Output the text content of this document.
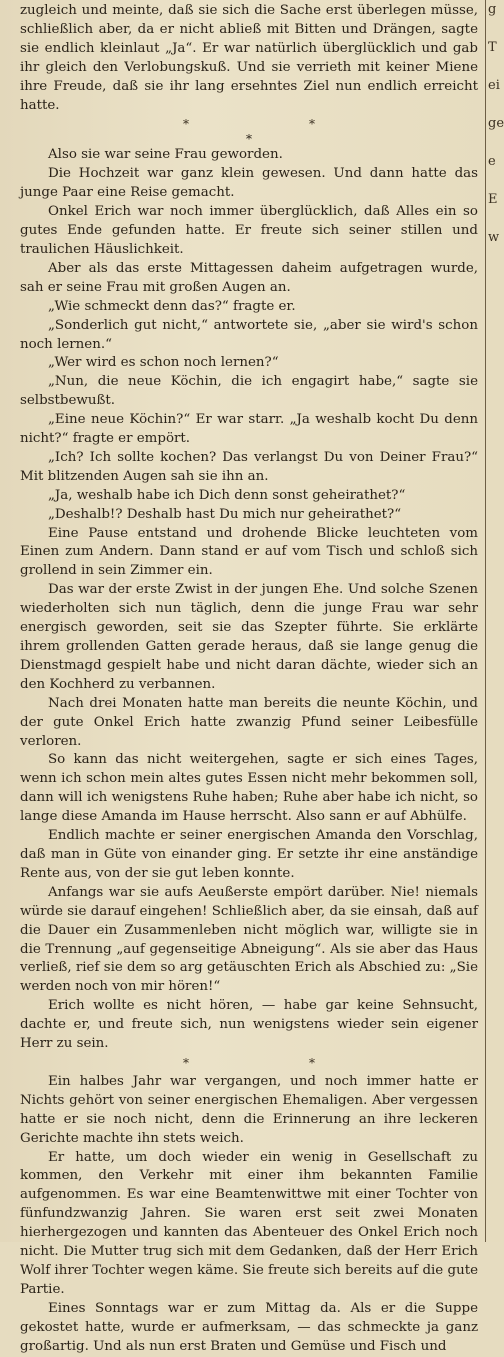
zugleich und meinte, daß sie sich die Sache erst überlegen müsse, schließlich aber, da er nicht abließ mit Bitten und Drängen, sagte sie endlich kleinlaut „Ja“. Er war natürlich überglücklich und gab ihr gleich den Verlobungskuß. Und sie verrieth mit keiner Miene ihre Freude, daß sie ihr lang ersehntes Ziel nun endlich erreicht hatte.

*	*
*

Also sie war seine Frau geworden.

Die Hochzeit war ganz klein gewesen. Und dann hatte das junge Paar eine Reise gemacht.

Onkel Erich war noch immer überglücklich, daß Alles ein so gutes Ende gefunden hatte. Er freute sich seiner stillen und traulichen Häuslichkeit.

Aber als das erste Mittagessen daheim aufgetragen wurde, sah er seine Frau mit großen Augen an.

„Wie schmeckt denn das?“ fragte er.

„Sonderlich gut nicht,“ antwortete sie, „aber sie wird's schon noch lernen.“

„Wer wird es schon noch lernen?“

„Nun, die neue Köchin, die ich engagirt habe,“ sagte sie selbstbewußt.

„Eine neue Köchin?“ Er war starr. „Ja weshalb kocht Du denn nicht?“ fragte er empört.

„Ich? Ich sollte kochen? Das verlangst Du von Deiner Frau?“ Mit blitzenden Augen sah sie ihn an.

„Ja, weshalb habe ich Dich denn sonst geheirathet?“

„Deshalb!? Deshalb hast Du mich nur geheirathet?“

Eine Pause entstand und drohende Blicke leuchteten vom Einen zum Andern. Dann stand er auf vom Tisch und schloß sich grollend in sein Zimmer ein.

Das war der erste Zwist in der jungen Ehe. Und solche Szenen wiederholten sich nun täglich, denn die junge Frau war sehr energisch geworden, seit sie das Szepter führte. Sie erklärte ihrem grollenden Gatten gerade heraus, daß sie lange genug die Dienstmagd gespielt habe und nicht daran dächte, wieder sich an den Kochherd zu verbannen.

Nach drei Monaten hatte man bereits die neunte Köchin, und der gute Onkel Erich hatte zwanzig Pfund seiner Leibesfülle verloren.

So kann das nicht weitergehen, sagte er sich eines Tages, wenn ich schon mein altes gutes Essen nicht mehr bekommen soll, dann will ich wenigstens Ruhe haben; Ruhe aber habe ich nicht, so lange diese Amanda im Hause herrscht. Also sann er auf Abhülfe.

Endlich machte er seiner energischen Amanda den Vorschlag, daß man in Güte von einander ging. Er setzte ihr eine anständige Rente aus, von der sie gut leben konnte.

Anfangs war sie aufs Aeußerste empört darüber. Nie! niemals würde sie darauf eingehen! Schließlich aber, da sie einsah, daß auf die Dauer ein Zusammenleben nicht möglich war, willigte sie in die Trennung „auf gegenseitige Abneigung“. Als sie aber das Haus verließ, rief sie dem so arg getäuschten Erich als Abschied zu: „Sie werden noch von mir hören!“

Erich wollte es nicht hören, — habe gar keine Sehnsucht, dachte er, und freute sich, nun wenigstens wieder sein eigener Herr zu sein.

*	*

Ein halbes Jahr war vergangen, und noch immer hatte er Nichts gehört von seiner energischen Ehemaligen. Aber vergessen hatte er sie noch nicht, denn die Erinnerung an ihre leckeren Gerichte machte ihn stets weich.

Er hatte, um doch wieder ein wenig in Gesellschaft zu kommen, den Verkehr mit einer ihm bekannten Familie aufgenommen. Es war eine Beamtenwittwe mit einer Tochter von fünfundzwanzig Jahren. Sie waren erst seit zwei Monaten hierhergezogen und kannten das Abenteuer des Onkel Erich noch nicht. Die Mutter trug sich mit dem Gedanken, daß der Herr Erich Wolf ihrer Tochter wegen käme. Sie freute sich bereits auf die gute Partie.

Eines Sonntags war er zum Mittag da. Als er die Suppe gekostet hatte, wurde er aufmerksam, — das schmeckte ja ganz großartig. Und als nun erst Braten und Gemüse und Fisch und

g
T
ei
ge
e
E
w
